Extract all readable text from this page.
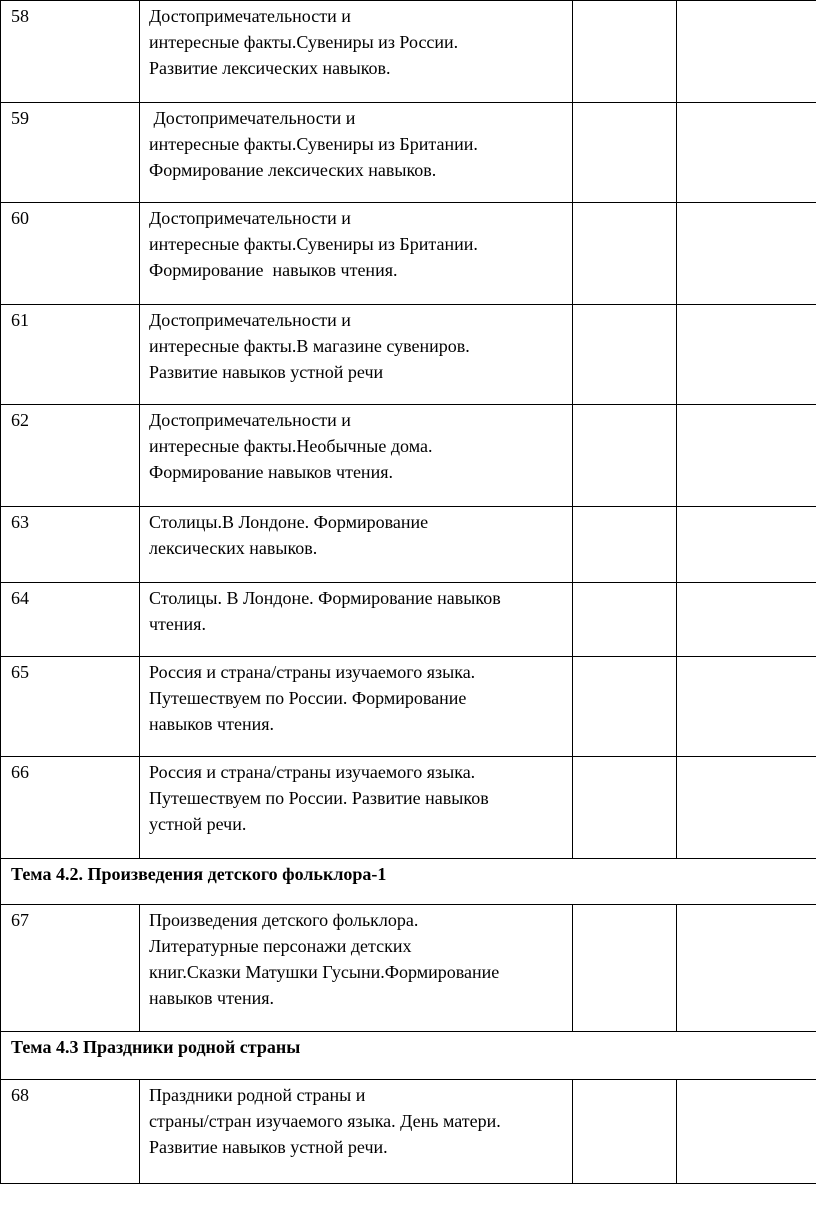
58	Достопримечательности и
интересные факты.Сувениры из России.
Развитие лексических навыков.		

59	Достопримечательности и
интересные факты.Сувениры из Британии.
Формирование лексических навыков.		

60	Достопримечательности и
интересные факты.Сувениры из Британии.
Формирование  навыков чтения.		

61	Достопримечательности и
интересные факты.В магазине сувениров.
Развитие навыков устной речи		

62	Достопримечательности и
интересные факты.Необычные дома.
Формирование навыков чтения.		

63	Столицы.В Лондоне. Формирование
лексических навыков.		

64	Столицы. В Лондоне. Формирование навыков
чтения.		

65	Россия и страна/страны изучаемого языка.
Путешествуем по России. Формирование
навыков чтения.		

66	Россия и страна/страны изучаемого языка.
Путешествуем по России. Развитие навыков
устной речи.		

Тема 4.2. Произведения детского фольклора-1			
67	Произведения детского фольклора.
Литературные персонажи детских
книг.Сказки Матушки Гусыни.Формирование
навыков чтения.		

Тема 4.3 Праздники родной страны			
68	Праздники родной страны и
страны/стран изучаемого языка. День матери.
Развитие навыков устной речи.		
